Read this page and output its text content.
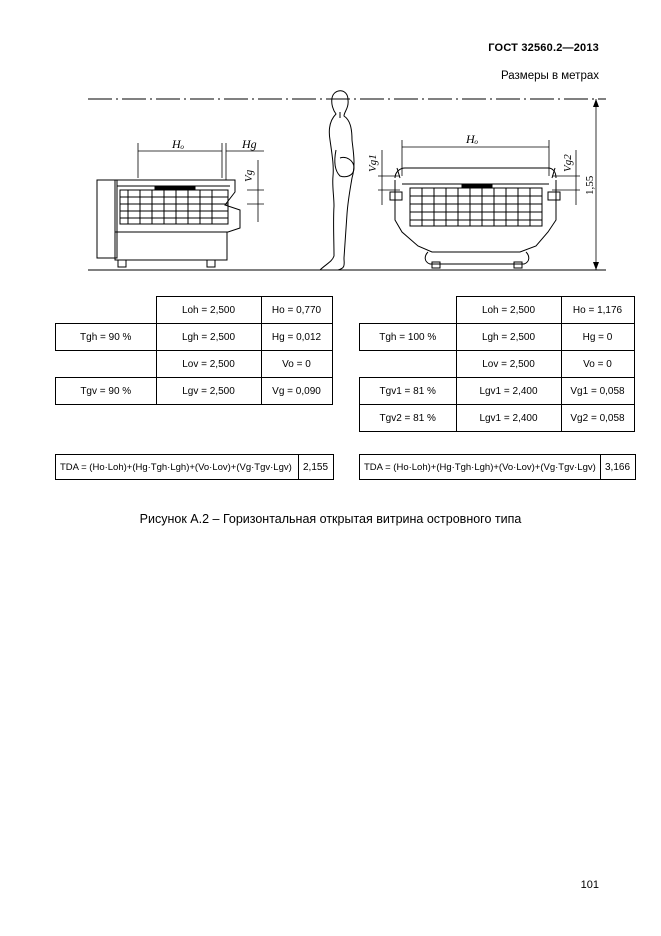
ГОСТ 32560.2—2013
Размеры в метрах
1,55
Hₒ	Hg
Vg
Hₒ
Vg1	Vg2
	Loh = 2,500	Ho = 0,770
Tgh = 90 %	Lgh = 2,500	Hg = 0,012
	Lov = 2,500	Vo = 0
Tgv = 90 %	Lgv = 2,500	Vg = 0,090
	Loh = 2,500	Ho = 1,176
Tgh = 100 %	Lgh = 2,500	Hg = 0
	Lov = 2,500	Vo = 0
Tgv1 = 81 %	Lgv1 = 2,400	Vg1 = 0,058
Tgv2 = 81 %	Lgv1 = 2,400	Vg2 = 0,058
TDA = (Ho·Loh)+(Hg·Tgh·Lgh)+(Vo·Lov)+(Vg·Tgv·Lgv)	2,155	TDA = (Ho·Loh)+(Hg·Tgh·Lgh)+(Vo·Lov)+(Vg·Tgv·Lgv)	3,166
Рисунок А.2 – Горизонтальная открытая витрина островного типа
101
